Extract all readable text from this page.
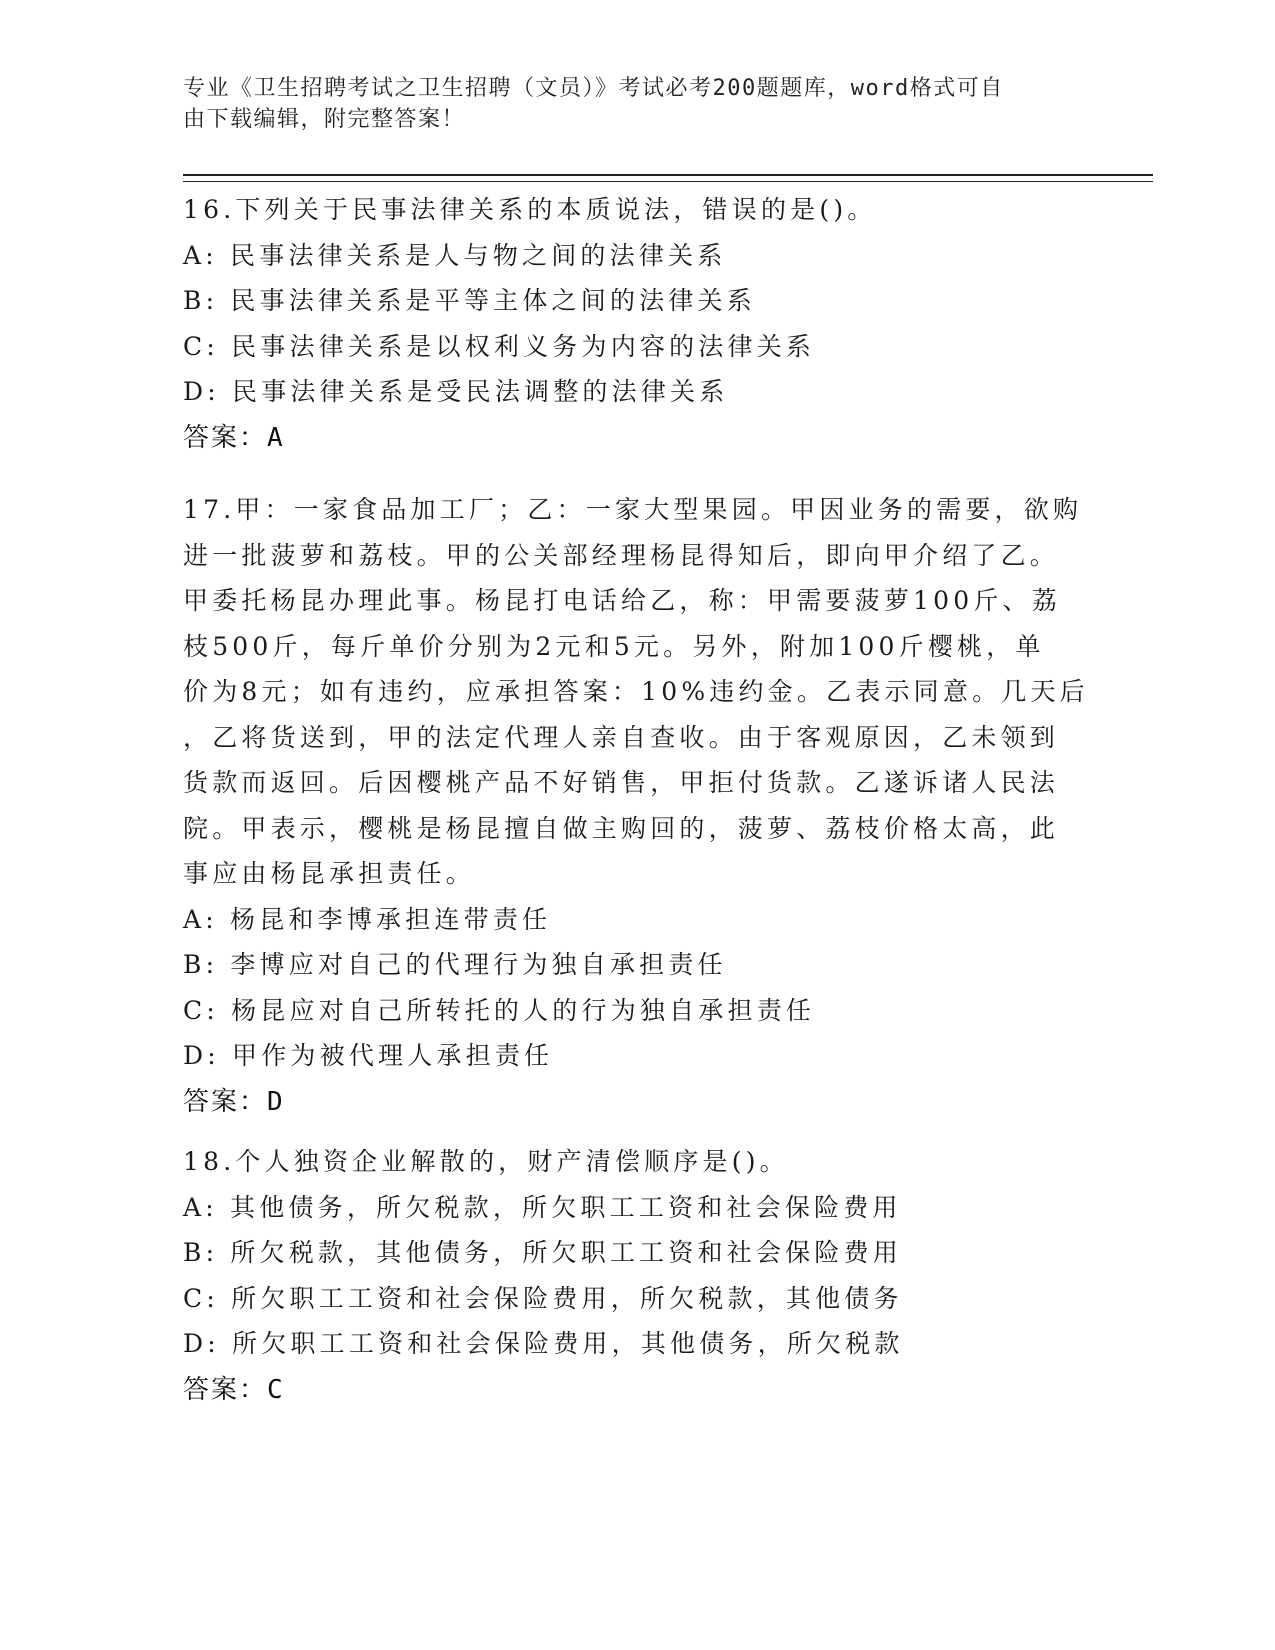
专业《卫生招聘考试之卫生招聘（文员）》考试必考200题题库，word格式可自
由下载编辑，附完整答案！
16.下列关于民事法律关系的本质说法，错误的是()。
A: 民事法律关系是人与物之间的法律关系
B: 民事法律关系是平等主体之间的法律关系
C: 民事法律关系是以权利义务为内容的法律关系
D: 民事法律关系是受民法调整的法律关系
答案：A
17.甲：一家食品加工厂；乙：一家大型果园。甲因业务的需要，欲购
进一批菠萝和荔枝。甲的公关部经理杨昆得知后，即向甲介绍了乙。
甲委托杨昆办理此事。杨昆打电话给乙，称：甲需要菠萝100斤、荔
枝500斤，每斤单价分别为2元和5元。另外，附加100斤樱桃，单
价为8元；如有违约，应承担答案：10%违约金。乙表示同意。几天后
，乙将货送到，甲的法定代理人亲自查收。由于客观原因，乙未领到
货款而返回。后因樱桃产品不好销售，甲拒付货款。乙遂诉诸人民法
院。甲表示，樱桃是杨昆擅自做主购回的，菠萝、荔枝价格太高，此
事应由杨昆承担责任。
A: 杨昆和李博承担连带责任
B: 李博应对自己的代理行为独自承担责任
C: 杨昆应对自己所转托的人的行为独自承担责任
D: 甲作为被代理人承担责任
答案：D
18.个人独资企业解散的，财产清偿顺序是()。
A: 其他债务，所欠税款，所欠职工工资和社会保险费用
B: 所欠税款，其他债务，所欠职工工资和社会保险费用
C: 所欠职工工资和社会保险费用，所欠税款，其他债务
D: 所欠职工工资和社会保险费用，其他债务，所欠税款
答案：C
